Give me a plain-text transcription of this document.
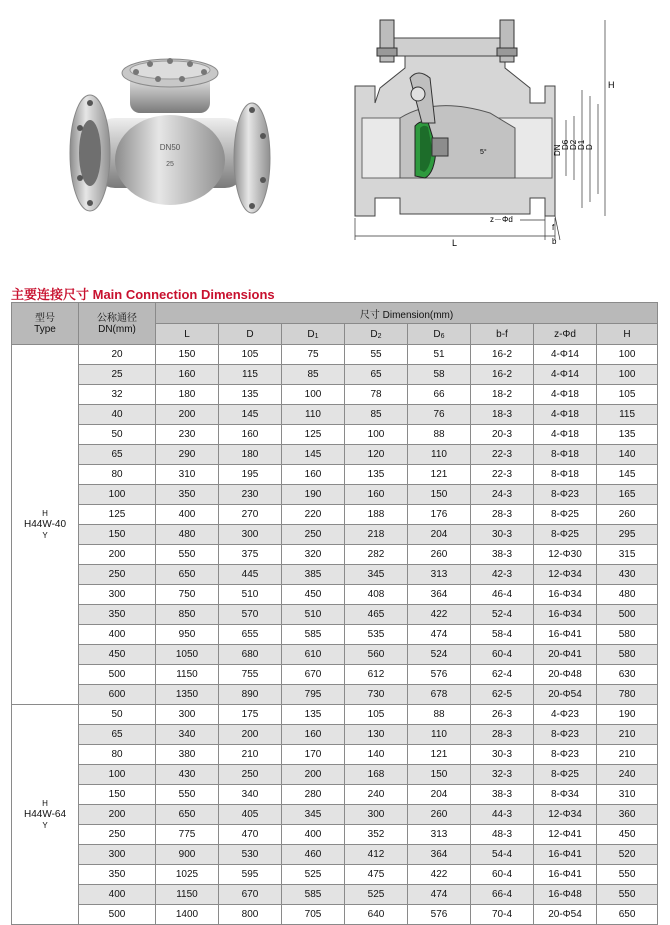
DN50
25
H
D
D1
D2
D6
DN
L
f
b
z－Φd
5°
主要连接尺寸 Main Connection Dimensions
型号
Type	公称通径
DN(mm)	尺寸 Dimension(mm)							
		L	D	$D_1$	$D_2$	$D_6$	b-f	z-Φd	H

H
H44W-40
Y	20	150	105	75	55	51	16-2	4-Φ14	100
	25	160	115	85	65	58	16-2	4-Φ14	100
	32	180	135	100	78	66	18-2	4-Φ18	105
	40	200	145	110	85	76	18-3	4-Φ18	115
	50	230	160	125	100	88	20-3	4-Φ18	135
	65	290	180	145	120	110	22-3	8-Φ18	140
	80	310	195	160	135	121	22-3	8-Φ18	145
	100	350	230	190	160	150	24-3	8-Φ23	165
	125	400	270	220	188	176	28-3	8-Φ25	260
	150	480	300	250	218	204	30-3	8-Φ25	295
	200	550	375	320	282	260	38-3	12-Φ30	315
	250	650	445	385	345	313	42-3	12-Φ34	430
	300	750	510	450	408	364	46-4	16-Φ34	480
	350	850	570	510	465	422	52-4	16-Φ34	500
	400	950	655	585	535	474	58-4	16-Φ41	580
	450	1050	680	610	560	524	60-4	20-Φ41	580
	500	1150	755	670	612	576	62-4	20-Φ48	630
	600	1350	890	795	730	678	62-5	20-Φ54	780

H
H44W-64
Y	50	300	175	135	105	88	26-3	4-Φ23	190
	65	340	200	160	130	110	28-3	8-Φ23	210
	80	380	210	170	140	121	30-3	8-Φ23	210
	100	430	250	200	168	150	32-3	8-Φ25	240
	150	550	340	280	240	204	38-3	8-Φ34	310
	200	650	405	345	300	260	44-3	12-Φ34	360
	250	775	470	400	352	313	48-3	12-Φ41	450
	300	900	530	460	412	364	54-4	16-Φ41	520
	350	1025	595	525	475	422	60-4	16-Φ41	550
	400	1150	670	585	525	474	66-4	16-Φ48	550
	500	1400	800	705	640	576	70-4	20-Φ54	650
